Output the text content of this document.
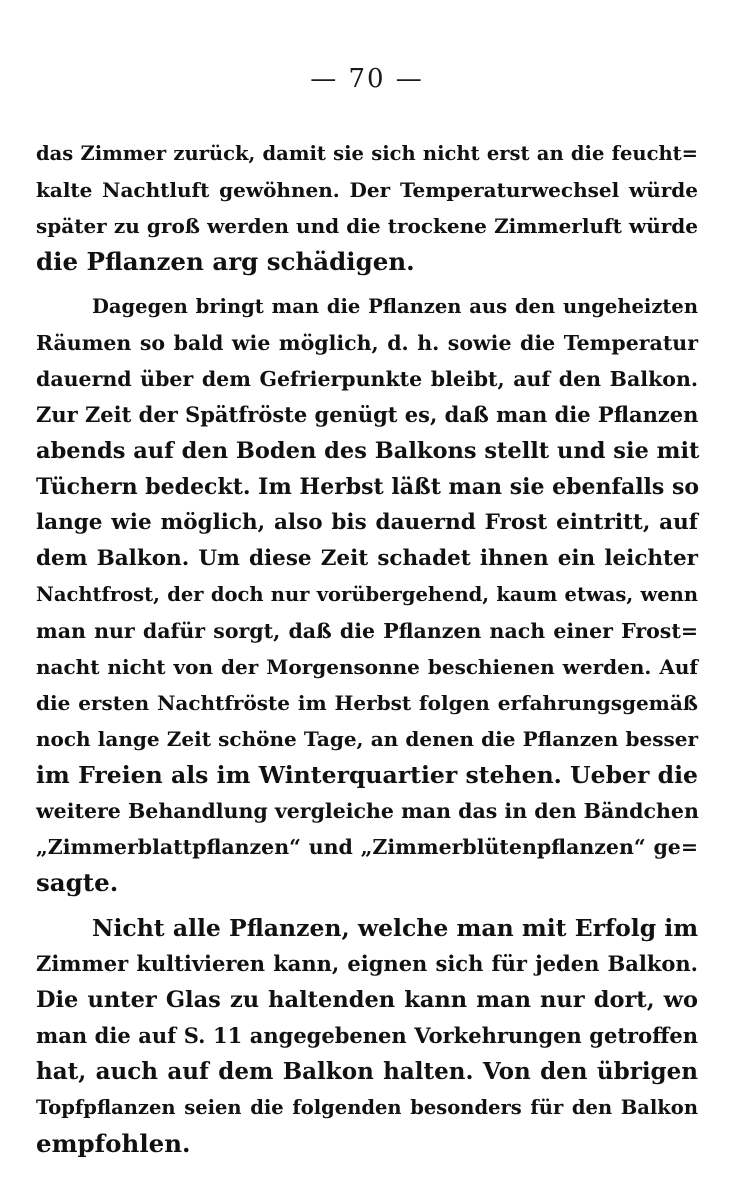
— 70 —
das Zimmer zurück, damit sie sich nicht erst an die feucht=
kalte Nachtluft gewöhnen. Der Temperaturwechsel würde
später zu groß werden und die trockene Zimmerluft würde
die Pflanzen arg schädigen.
Dagegen bringt man die Pflanzen aus den ungeheizten
Räumen so bald wie möglich, d. h. sowie die Temperatur
dauernd über dem Gefrierpunkte bleibt, auf den Balkon.
Zur Zeit der Spätfröste genügt es, daß man die Pflanzen
abends auf den Boden des Balkons stellt und sie mit
Tüchern bedeckt. Im Herbst läßt man sie ebenfalls so
lange wie möglich, also bis dauernd Frost eintritt, auf
dem Balkon. Um diese Zeit schadet ihnen ein leichter
Nachtfrost, der doch nur vorübergehend, kaum etwas, wenn
man nur dafür sorgt, daß die Pflanzen nach einer Frost=
nacht nicht von der Morgensonne beschienen werden. Auf
die ersten Nachtfröste im Herbst folgen erfahrungsgemäß
noch lange Zeit schöne Tage, an denen die Pflanzen besser
im Freien als im Winterquartier stehen. Ueber die
weitere Behandlung vergleiche man das in den Bändchen
„Zimmerblattpflanzen“ und „Zimmerblütenpflanzen“ ge=
sagte.
Nicht alle Pflanzen, welche man mit Erfolg im
Zimmer kultivieren kann, eignen sich für jeden Balkon.
Die unter Glas zu haltenden kann man nur dort, wo
man die auf S. 11 angegebenen Vorkehrungen getroffen
hat, auch auf dem Balkon halten. Von den übrigen
Topfpflanzen seien die folgenden besonders für den Balkon
empfohlen.
